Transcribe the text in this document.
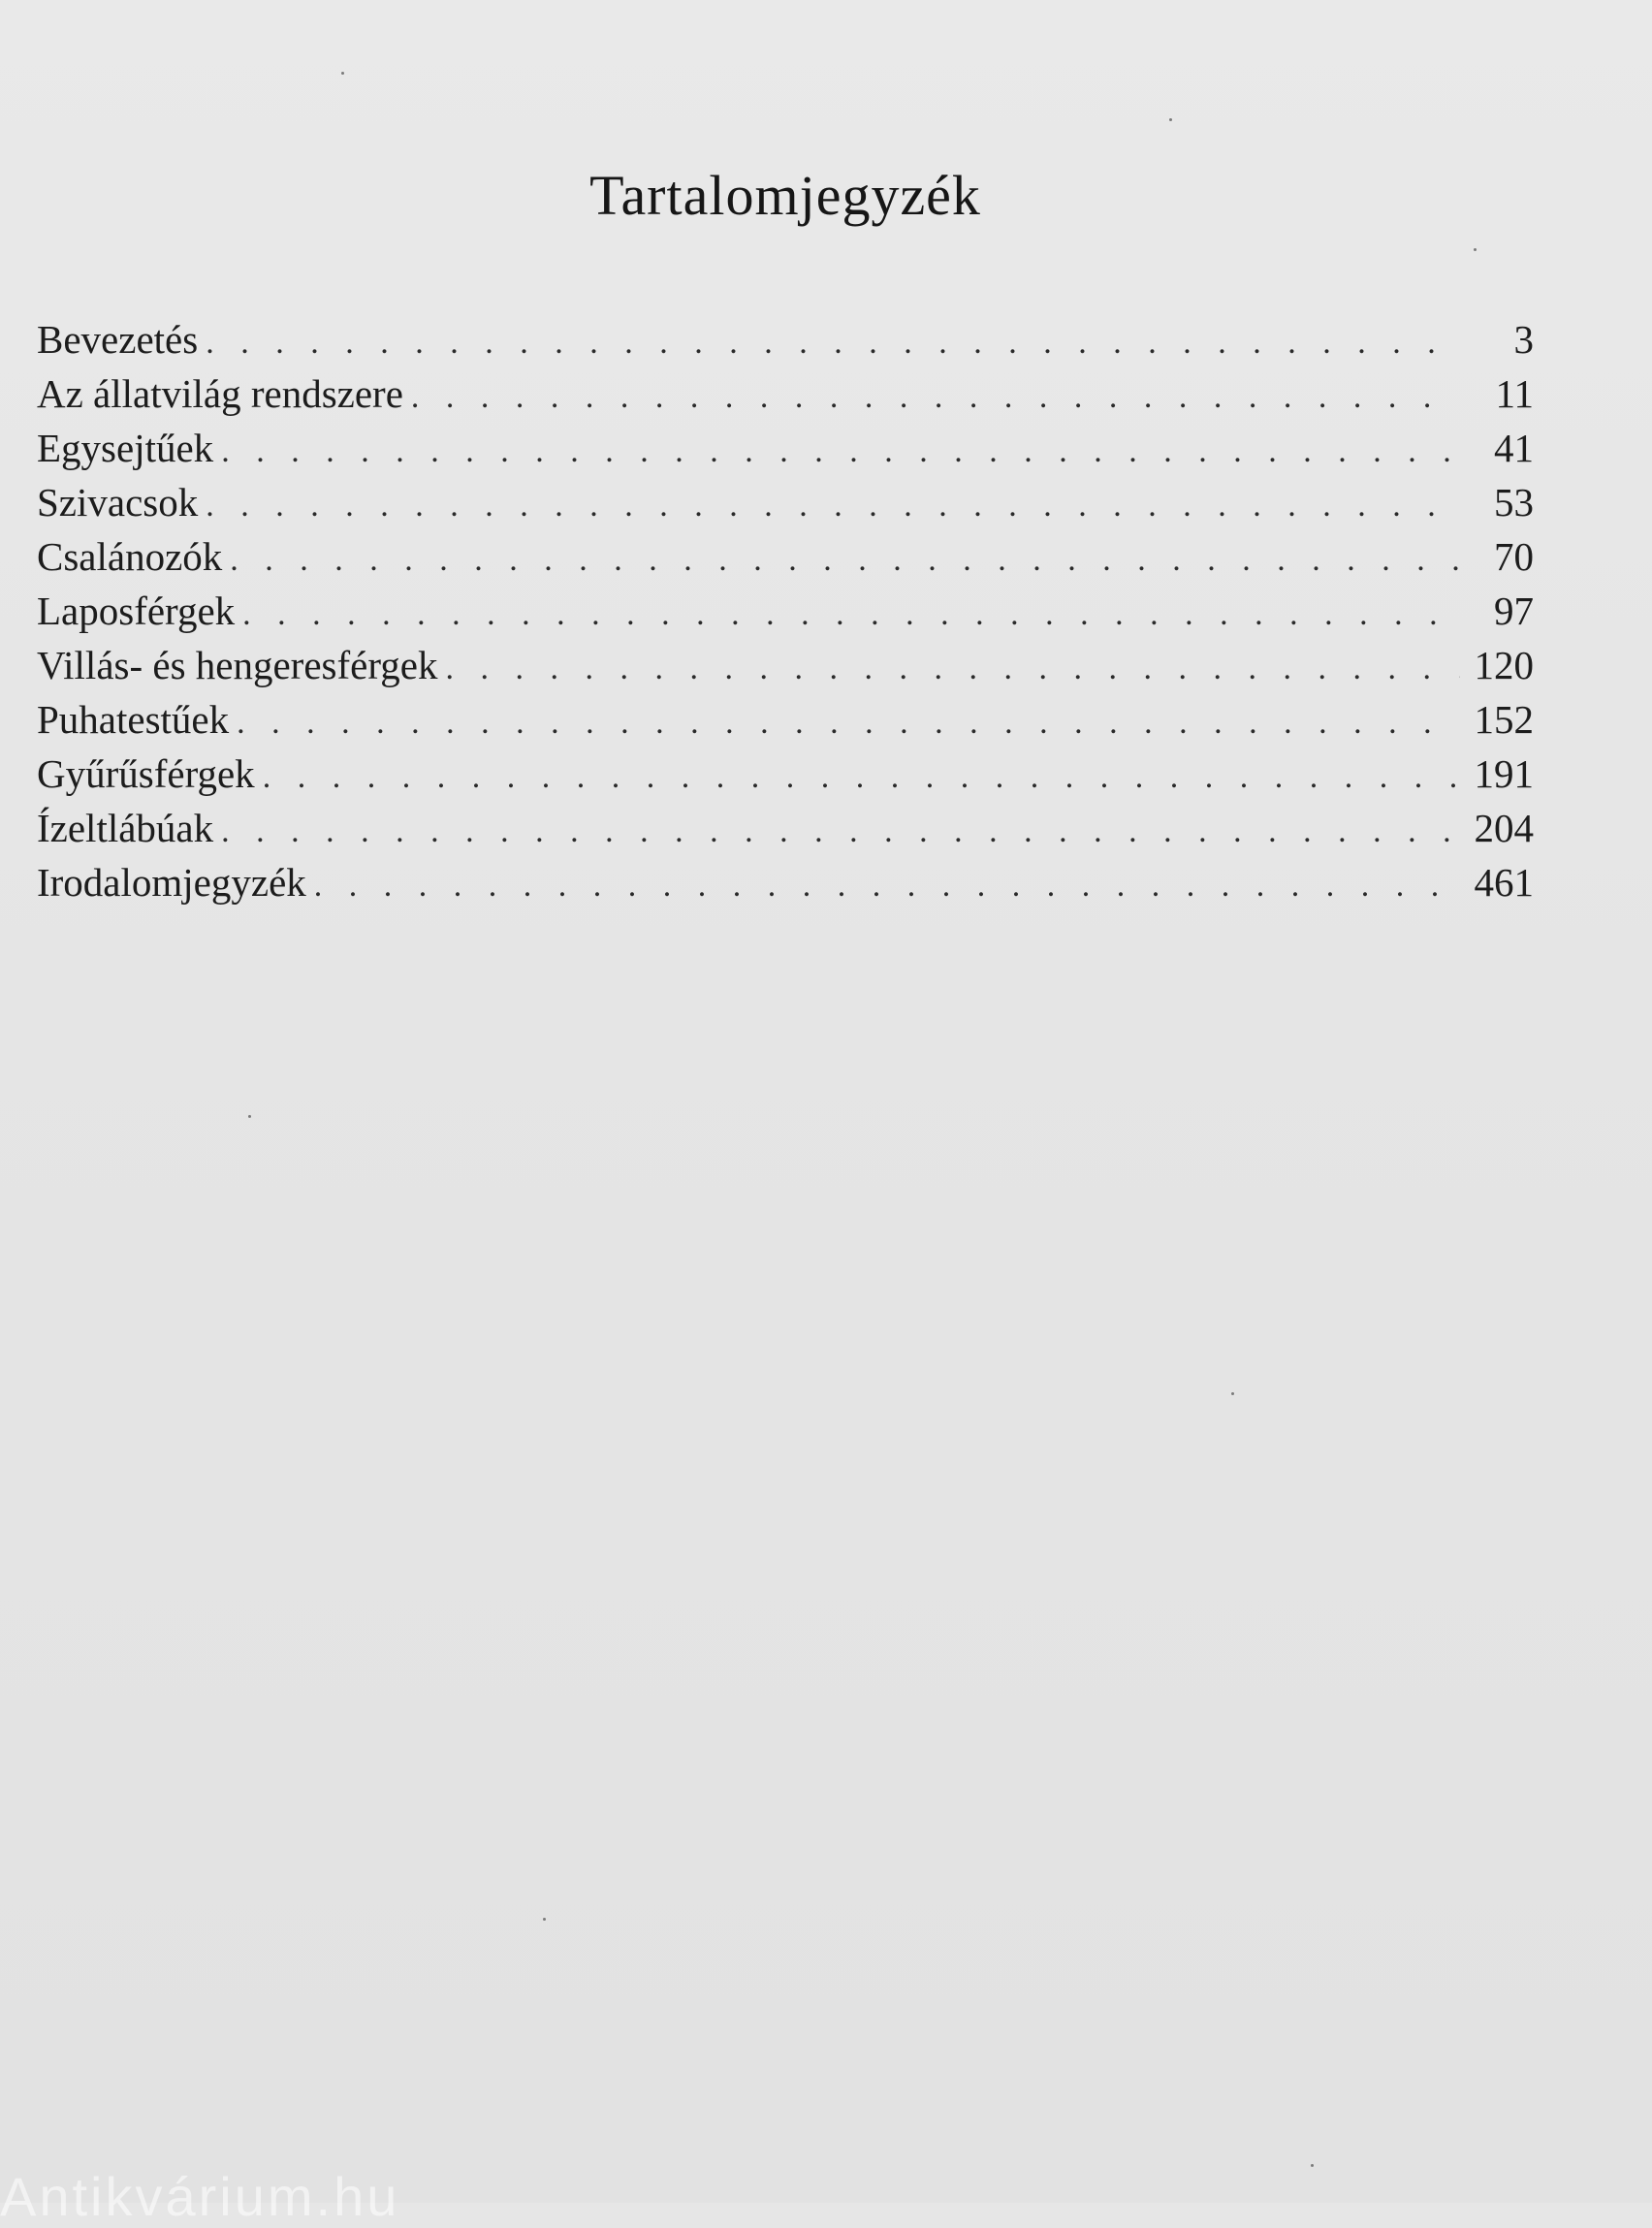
Tartalomjegyzék
Bevezetés . . .	3
Az állatvilág rendszere . . .	11
Egysejtűek . . .	41
Szivacsok . . .	53
Csalánozók . . .	70
Laposférgek . . .	97
Villás- és hengeresférgek . . .	120
Puhatestűek . . .	152
Gyűrűsférgek . . .	191
Ízeltlábúak . . .	204
Irodalomjegyzék . . .	461

Antikvárium.hu
